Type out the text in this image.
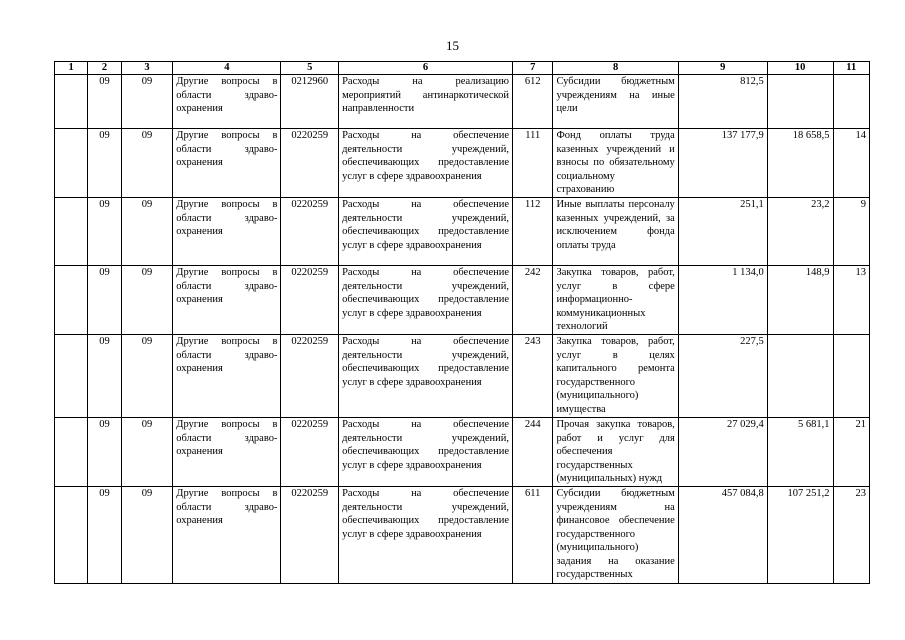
15
1	2	3	4	5	6	7	8	9	10	11
	09	09	Другие вопросы в области здраво-охранения	0212960	Расходы на реализацию мероприятий антинаркотической направленности	612	Субсидии бюджетным учреждениям на иные цели	812,5		
	09	09	Другие вопросы в области здраво-охранения	0220259	Расходы на обеспечение деятельности учреждений, обеспечивающих предоставление услуг в сфере здравоохранения	111	Фонд оплаты труда казенных учреждений и взносы по обязательному социальному страхованию	137 177,9	18 658,5	14
	09	09	Другие вопросы в области здраво-охранения	0220259	Расходы на обеспечение деятельности учреждений, обеспечивающих предоставление услуг в сфере здравоохранения	112	Иные выплаты персоналу казенных учреждений, за исключением фонда оплаты труда	251,1	23,2	9
	09	09	Другие вопросы в области здраво-охранения	0220259	Расходы на обеспечение деятельности учреждений, обеспечивающих предоставление услуг в сфере здравоохранения	242	Закупка товаров, работ, услуг в сфере информационно-коммуникационных технологий	1 134,0	148,9	13
	09	09	Другие вопросы в области здраво-охранения	0220259	Расходы на обеспечение деятельности учреждений, обеспечивающих предоставление услуг в сфере здравоохранения	243	Закупка товаров, работ, услуг в целях капитального ремонта государственного (муниципального) имущества	227,5		
	09	09	Другие вопросы в области здраво-охранения	0220259	Расходы на обеспечение деятельности учреждений, обеспечивающих предоставление услуг в сфере здравоохранения	244	Прочая закупка товаров, работ и услуг для обеспечения государственных (муниципальных) нужд	27 029,4	5 681,1	21
	09	09	Другие вопросы в области здраво-охранения	0220259	Расходы на обеспечение деятельности учреждений, обеспечивающих предоставление услуг в сфере здравоохранения	611	Субсидии бюджетным учреждениям на финансовое обеспечение государственного (муниципального) задания на оказание государственных	457 084,8	107 251,2	23
